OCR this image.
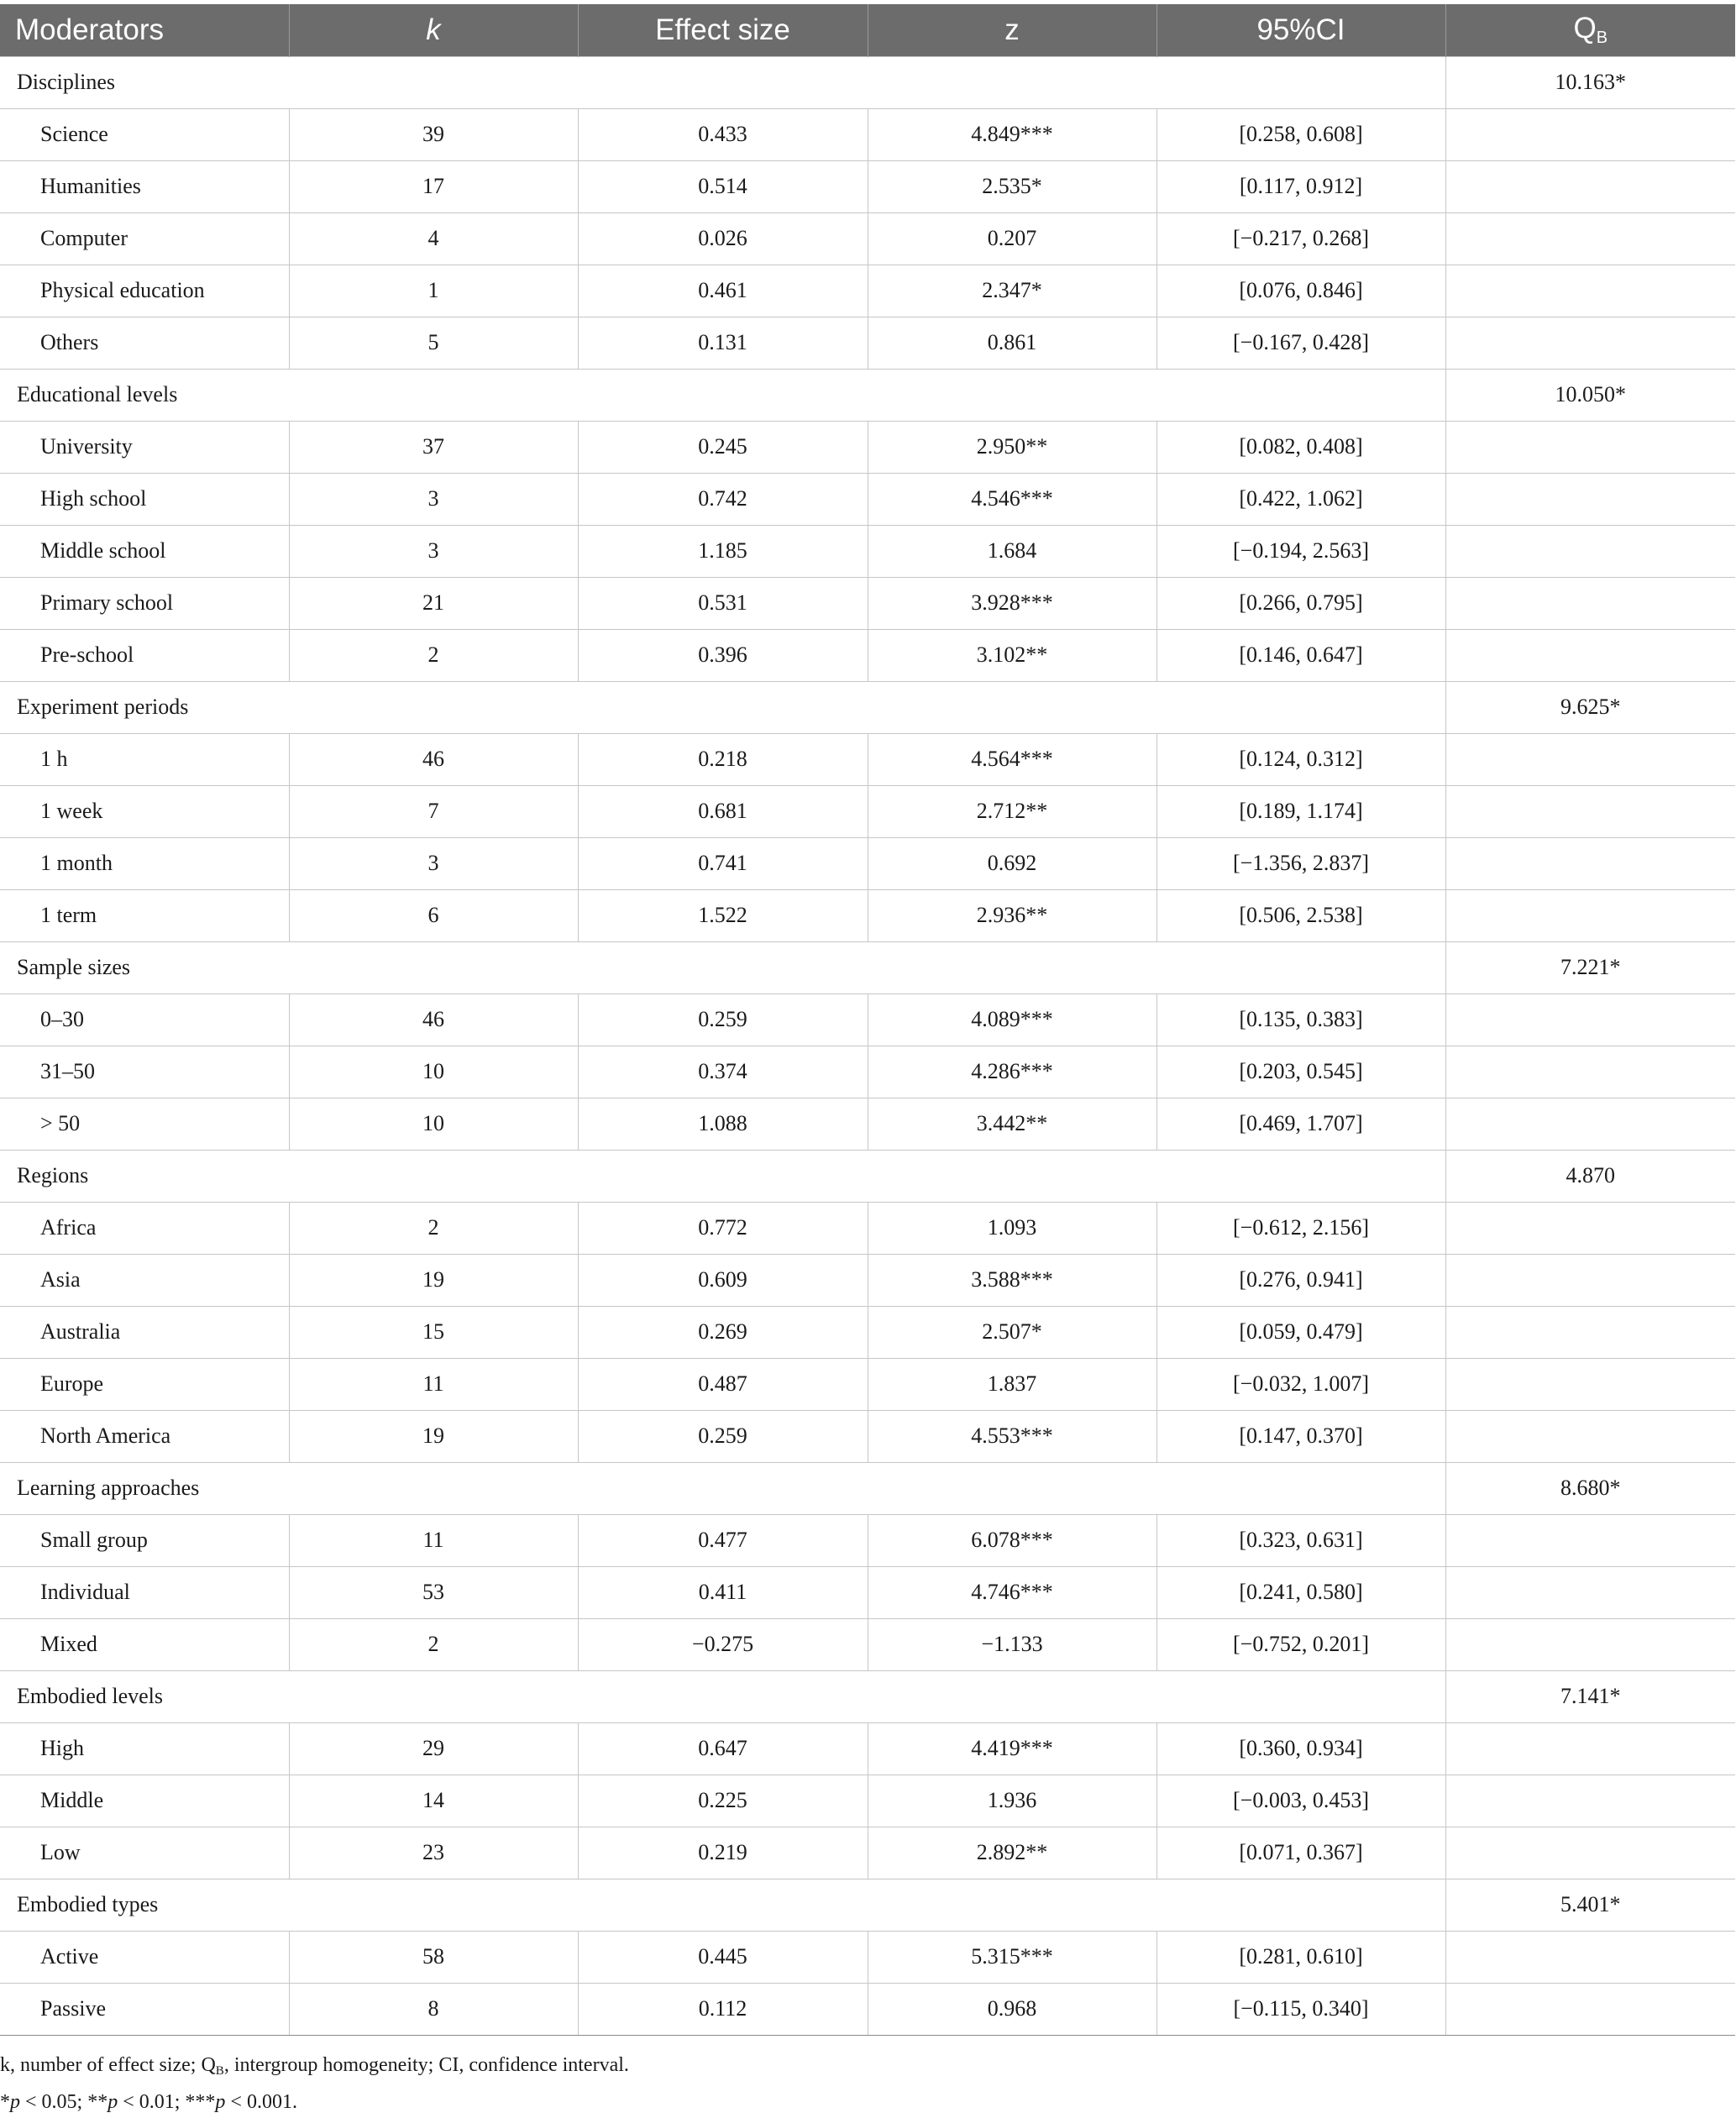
Moderators	k	Effect size	z	95%CI	$Q_B$
Disciplines					10.163*
Science	39	0.433	4.849***	[0.258, 0.608]	
Humanities	17	0.514	2.535*	[0.117, 0.912]	
Computer	4	0.026	0.207	[−0.217, 0.268]	
Physical education	1	0.461	2.347*	[0.076, 0.846]	
Others	5	0.131	0.861	[−0.167, 0.428]	
Educational levels					10.050*
University	37	0.245	2.950**	[0.082, 0.408]	
High school	3	0.742	4.546***	[0.422, 1.062]	
Middle school	3	1.185	1.684	[−0.194, 2.563]	
Primary school	21	0.531	3.928***	[0.266, 0.795]	
Pre-school	2	0.396	3.102**	[0.146, 0.647]	
Experiment periods					9.625*
1 h	46	0.218	4.564***	[0.124, 0.312]	
1 week	7	0.681	2.712**	[0.189, 1.174]	
1 month	3	0.741	0.692	[−1.356, 2.837]	
1 term	6	1.522	2.936**	[0.506, 2.538]	
Sample sizes					7.221*
0–30	46	0.259	4.089***	[0.135, 0.383]	
31–50	10	0.374	4.286***	[0.203, 0.545]	
> 50	10	1.088	3.442**	[0.469, 1.707]	
Regions					4.870
Africa	2	0.772	1.093	[−0.612, 2.156]	
Asia	19	0.609	3.588***	[0.276, 0.941]	
Australia	15	0.269	2.507*	[0.059, 0.479]	
Europe	11	0.487	1.837	[−0.032, 1.007]	
North America	19	0.259	4.553***	[0.147, 0.370]	
Learning approaches					8.680*
Small group	11	0.477	6.078***	[0.323, 0.631]	
Individual	53	0.411	4.746***	[0.241, 0.580]	
Mixed	2	−0.275	−1.133	[−0.752, 0.201]	
Embodied levels					7.141*
High	29	0.647	4.419***	[0.360, 0.934]	
Middle	14	0.225	1.936	[−0.003, 0.453]	
Low	23	0.219	2.892**	[0.071, 0.367]	
Embodied types					5.401*
Active	58	0.445	5.315***	[0.281, 0.610]	
Passive	8	0.112	0.968	[−0.115, 0.340]	
k, number of effect size; $Q_B$, intergroup homogeneity; CI, confidence interval.
*p < 0.05; **p < 0.01; ***p < 0.001.
